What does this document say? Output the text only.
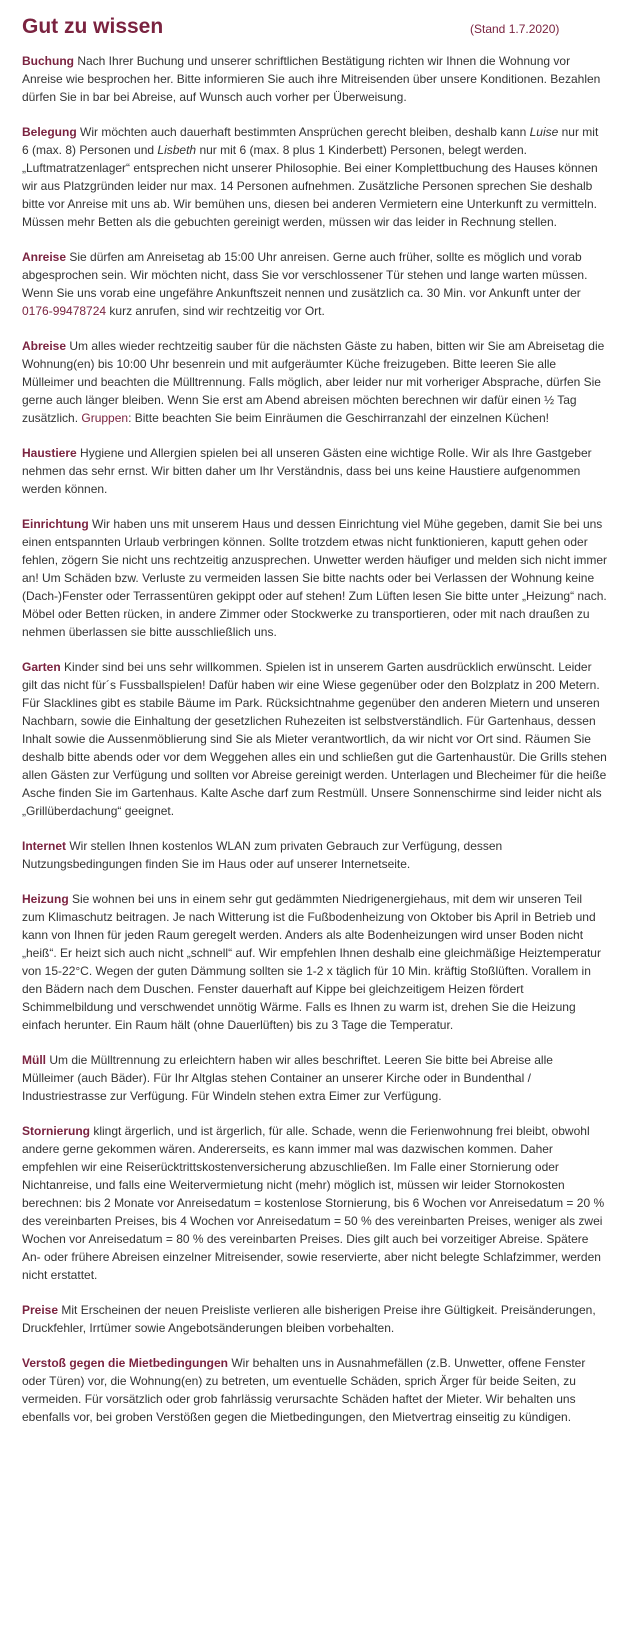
Gut zu wissen	(Stand 1.7.2020)

Buchung Nach Ihrer Buchung und unserer schriftlichen Bestätigung richten wir Ihnen die Wohnung vor Anreise wie besprochen her. Bitte informieren Sie auch ihre Mitreisenden über unsere Konditionen. Bezahlen dürfen Sie in bar bei Abreise, auf Wunsch auch vorher per Überweisung.

Belegung Wir möchten auch dauerhaft bestimmten Ansprüchen gerecht bleiben, deshalb kann Luise nur mit 6 (max. 8) Personen und Lisbeth nur mit 6 (max. 8 plus 1 Kinderbett) Personen, belegt werden. „Luftmatratzenlager“ entsprechen nicht unserer Philosophie. Bei einer Komplettbuchung des Hauses können wir aus Platzgründen leider nur max. 14 Personen aufnehmen. Zusätzliche Personen sprechen Sie deshalb bitte vor Anreise mit uns ab. Wir bemühen uns, diesen bei anderen Vermietern eine Unterkunft zu vermitteln. Müssen mehr Betten als die gebuchten gereinigt werden, müssen wir das leider in Rechnung stellen.

Anreise Sie dürfen am Anreisetag ab 15:00 Uhr anreisen. Gerne auch früher, sollte es möglich und vorab abgesprochen sein. Wir möchten nicht, dass Sie vor verschlossener Tür stehen und lange warten müssen. Wenn Sie uns vorab eine ungefähre Ankunftszeit nennen und zusätzlich ca. 30 Min. vor Ankunft unter der 0176-99478724 kurz anrufen, sind wir rechtzeitig vor Ort.

Abreise Um alles wieder rechtzeitig sauber für die nächsten Gäste zu haben, bitten wir Sie am Abreisetag die Wohnung(en) bis 10:00 Uhr besenrein und mit aufgeräumter Küche freizugeben. Bitte leeren Sie alle Mülleimer und beachten die Mülltrennung. Falls möglich, aber leider nur mit vorheriger Absprache, dürfen Sie gerne auch länger bleiben. Wenn Sie erst am Abend abreisen möchten berechnen wir dafür einen ½ Tag zusätzlich. Gruppen: Bitte beachten Sie beim Einräumen die Geschirranzahl der einzelnen Küchen!

Haustiere Hygiene und Allergien spielen bei all unseren Gästen eine wichtige Rolle. Wir als Ihre Gastgeber nehmen das sehr ernst. Wir bitten daher um Ihr Verständnis, dass bei uns keine Haustiere aufgenommen werden können.

Einrichtung Wir haben uns mit unserem Haus und dessen Einrichtung viel Mühe gegeben, damit Sie bei uns einen entspannten Urlaub verbringen können. Sollte trotzdem etwas nicht funktionieren, kaputt gehen oder fehlen, zögern Sie nicht uns rechtzeitig anzusprechen. Unwetter werden häufiger und melden sich nicht immer an! Um Schäden bzw. Verluste zu vermeiden lassen Sie bitte nachts oder bei Verlassen der Wohnung keine (Dach-)Fenster oder Terrassentüren gekippt oder auf stehen! Zum Lüften lesen Sie bitte unter „Heizung“ nach. Möbel oder Betten rücken, in andere Zimmer oder Stockwerke zu transportieren, oder mit nach draußen zu nehmen überlassen sie bitte ausschließlich uns.

Garten Kinder sind bei uns sehr willkommen. Spielen ist in unserem Garten ausdrücklich erwünscht. Leider gilt das nicht für´s Fussballspielen! Dafür haben wir eine Wiese gegenüber oder den Bolzplatz in 200 Metern. Für Slacklines gibt es stabile Bäume im Park. Rücksichtnahme gegenüber den anderen Mietern und unseren Nachbarn, sowie die Einhaltung der gesetzlichen Ruhezeiten ist selbstverständlich. Für Gartenhaus, dessen Inhalt sowie die Aussenmöblierung sind Sie als Mieter verantwortlich, da wir nicht vor Ort sind. Räumen Sie deshalb bitte abends oder vor dem Weggehen alles ein und schließen gut die Gartenhaustür. Die Grills stehen allen Gästen zur Verfügung und sollten vor Abreise gereinigt werden. Unterlagen und Blecheimer für die heiße Asche finden Sie im Gartenhaus. Kalte Asche darf zum Restmüll. Unsere Sonnenschirme sind leider nicht als „Grillüberdachung“ geeignet.

Internet Wir stellen Ihnen kostenlos WLAN zum privaten Gebrauch zur Verfügung, dessen Nutzungsbedingungen finden Sie im Haus oder auf unserer Internetseite.

Heizung Sie wohnen bei uns in einem sehr gut gedämmten Niedrigenergiehaus, mit dem wir unseren Teil zum Klimaschutz beitragen. Je nach Witterung ist die Fußbodenheizung von Oktober bis April in Betrieb und kann von Ihnen für jeden Raum geregelt werden. Anders als alte Bodenheizungen wird unser Boden nicht „heiß“. Er heizt sich auch nicht „schnell“ auf. Wir empfehlen Ihnen deshalb eine gleichmäßige Heiztemperatur von 15-22°C. Wegen der guten Dämmung sollten sie 1-2 x täglich für 10 Min. kräftig Stoßlüften. Vorallem in den Bädern nach dem Duschen. Fenster dauerhaft auf Kippe bei gleichzeitigem Heizen fördert Schimmelbildung und verschwendet unnötig Wärme. Falls es Ihnen zu warm ist, drehen Sie die Heizung einfach herunter. Ein Raum hält (ohne Dauerlüften) bis zu 3 Tage die Temperatur.

Müll Um die Mülltrennung zu erleichtern haben wir alles beschriftet. Leeren Sie bitte bei Abreise alle Mülleimer (auch Bäder). Für Ihr Altglas stehen Container an unserer Kirche oder in Bundenthal / Industriestrasse zur Verfügung. Für Windeln stehen extra Eimer zur Verfügung.

Stornierung klingt ärgerlich, und ist ärgerlich, für alle. Schade, wenn die Ferienwohnung frei bleibt, obwohl andere gerne gekommen wären. Andererseits, es kann immer mal was dazwischen kommen. Daher empfehlen wir eine Reiserücktrittskostenversicherung abzuschließen. Im Falle einer Stornierung oder Nichtanreise, und falls eine Weitervermietung nicht (mehr) möglich ist, müssen wir leider Stornokosten berechnen: bis 2 Monate vor Anreisedatum = kostenlose Stornierung, bis 6 Wochen vor Anreisedatum = 20 % des vereinbarten Preises, bis 4 Wochen vor Anreisedatum = 50 % des vereinbarten Preises, weniger als zwei Wochen vor Anreisedatum = 80 % des vereinbarten Preises. Dies gilt auch bei vorzeitiger Abreise. Spätere An- oder frühere Abreisen einzelner Mitreisender, sowie reservierte, aber nicht belegte Schlafzimmer, werden nicht erstattet.

Preise Mit Erscheinen der neuen Preisliste verlieren alle bisherigen Preise ihre Gültigkeit. Preisänderungen, Druckfehler, Irrtümer sowie Angebotsänderungen bleiben vorbehalten.

Verstoß gegen die Mietbedingungen Wir behalten uns in Ausnahmefällen (z.B. Unwetter, offene Fenster oder Türen) vor, die Wohnung(en) zu betreten, um eventuelle Schäden, sprich Ärger für beide Seiten, zu vermeiden. Für vorsätzlich oder grob fahrlässig verursachte Schäden haftet der Mieter. Wir behalten uns ebenfalls vor, bei groben Verstößen gegen die Mietbedingungen, den Mietvertrag einseitig zu kündigen.
